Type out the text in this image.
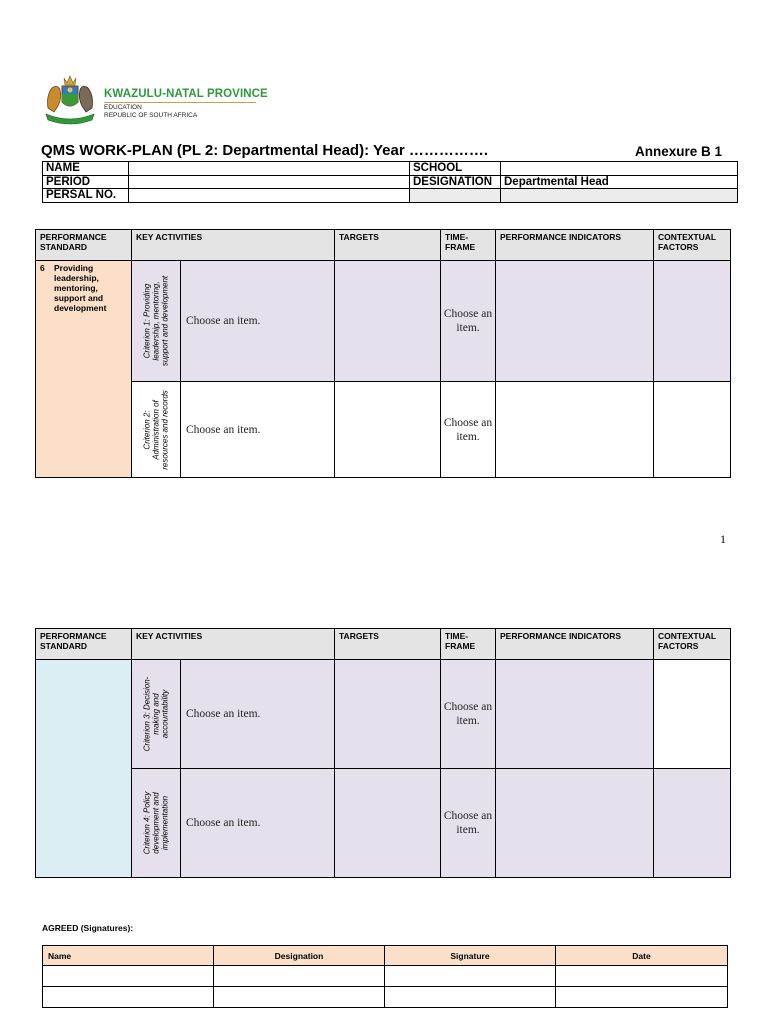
KWAZULU-NATAL PROVINCE
EDUCATION
REPUBLIC OF SOUTH AFRICA
QMS WORK-PLAN (PL 2: Departmental Head): Year …………….	Annexure B 1
NAME		SCHOOL	
PERIOD		DESIGNATION	Departmental Head
PERSAL NO.			
PERFORMANCE STANDARD	KEY ACTIVITIES		TARGETS	TIME-FRAME	PERFORMANCE INDICATORS	CONTEXTUAL FACTORS

6 Providing leadership, mentoring, support and development	Criterion 1: Providing leadership, mentoring, support and development	Choose an item.		Choose an item.		

	Criterion 2: Administration of resources and records	Choose an item.		Choose an item.		
1
PERFORMANCE STANDARD	KEY ACTIVITIES		TARGETS	TIME-FRAME	PERFORMANCE INDICATORS	CONTEXTUAL FACTORS

	Criterion 3: Decision-making and accountability	Choose an item.		Choose an item.		

	Criterion 4: Policy development and implementation	Choose an item.		Choose an item.		
AGREED (Signatures):
Name	Designation	Signature	Date
